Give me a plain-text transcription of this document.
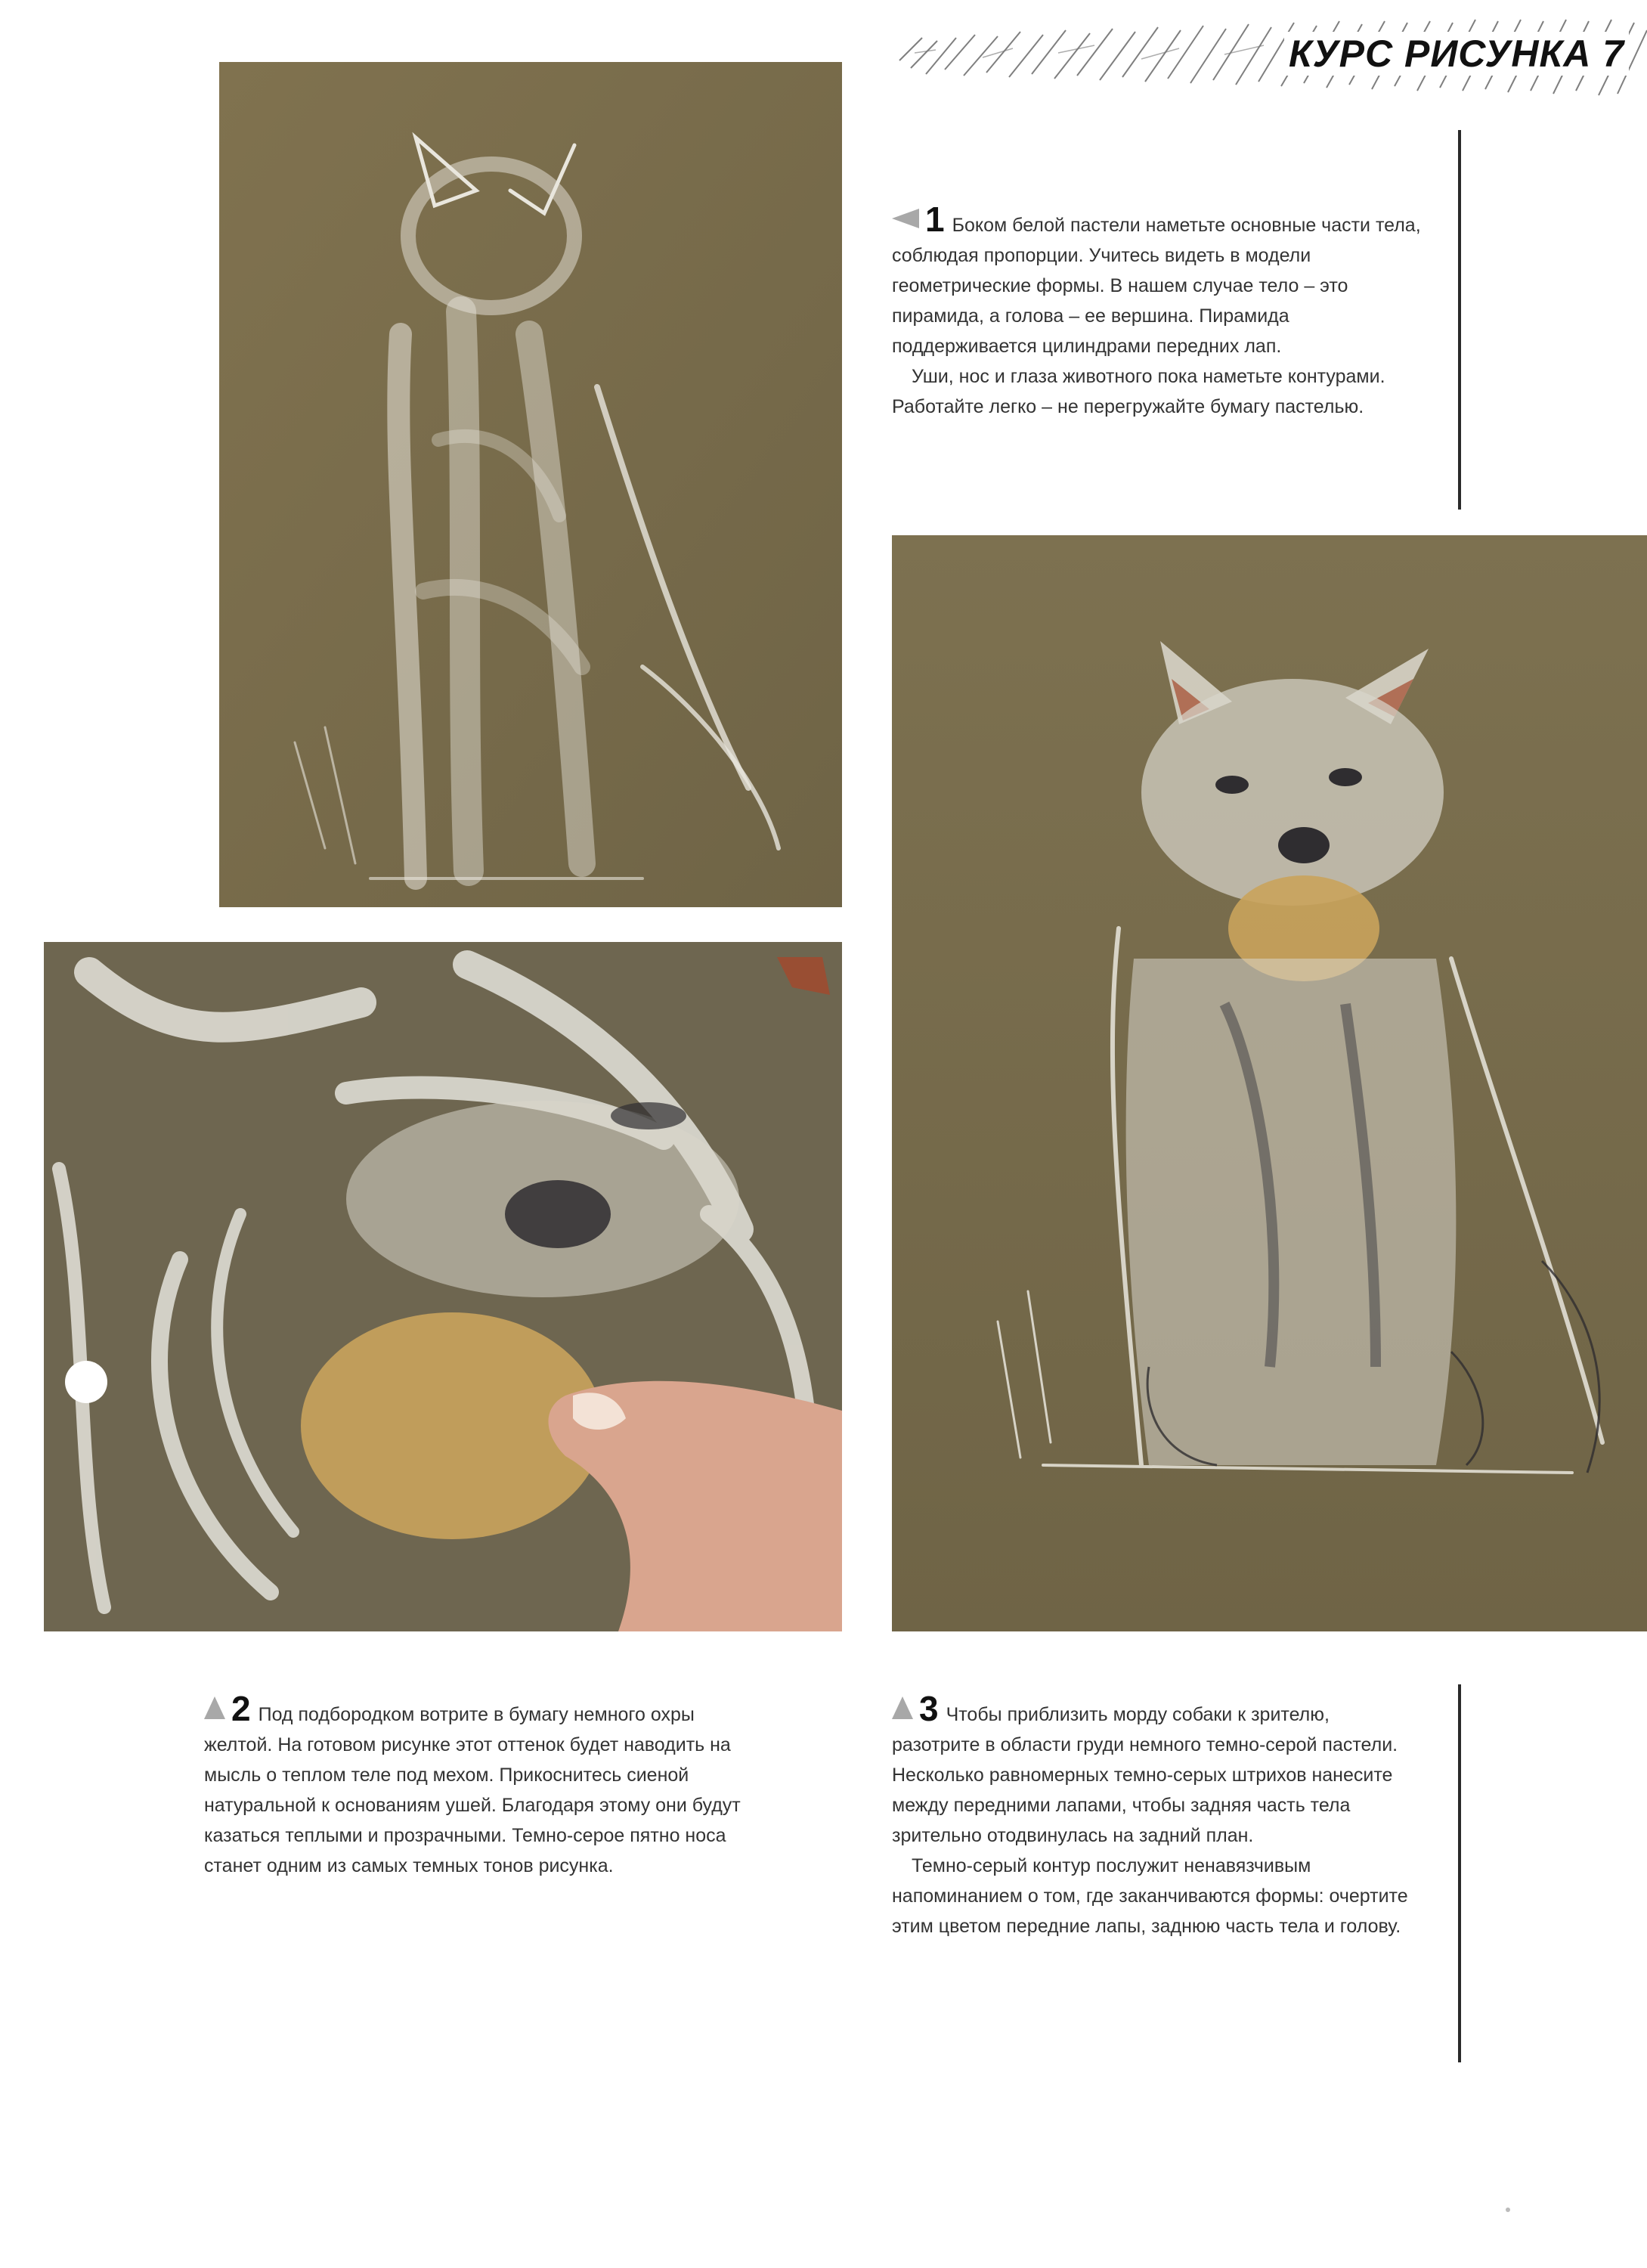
КУРС РИСУНКА 7

1 Боком белой пастели наметьте основные части тела, соблюдая пропорции. Учитесь видеть в модели геометрические формы. В нашем случае тело – это пирамида, а голова – ее вершина. Пирамида поддерживается цилиндрами передних лап.

Уши, нос и глаза животного пока наметьте контурами. Работайте легко – не перегружайте бумагу пастелью.

2 Под подбородком вотрите в бумагу немного охры желтой. На готовом рисунке этот оттенок будет наводить на мысль о теплом теле под мехом. Прикоснитесь сиеной натуральной к основаниям ушей. Благодаря этому они будут казаться теплыми и прозрачными. Темно-серое пятно носа станет одним из самых темных тонов рисунка.

3 Чтобы приблизить морду собаки к зрителю, разотрите в области груди немного темно-серой пастели. Несколько равномерных темно-серых штрихов нанесите между передними лапами, чтобы задняя часть тела зрительно отодвинулась на задний план.

Темно-серый контур послужит ненавязчивым напоминанием о том, где заканчиваются формы: очертите этим цветом передние лапы, заднюю часть тела и голову.
